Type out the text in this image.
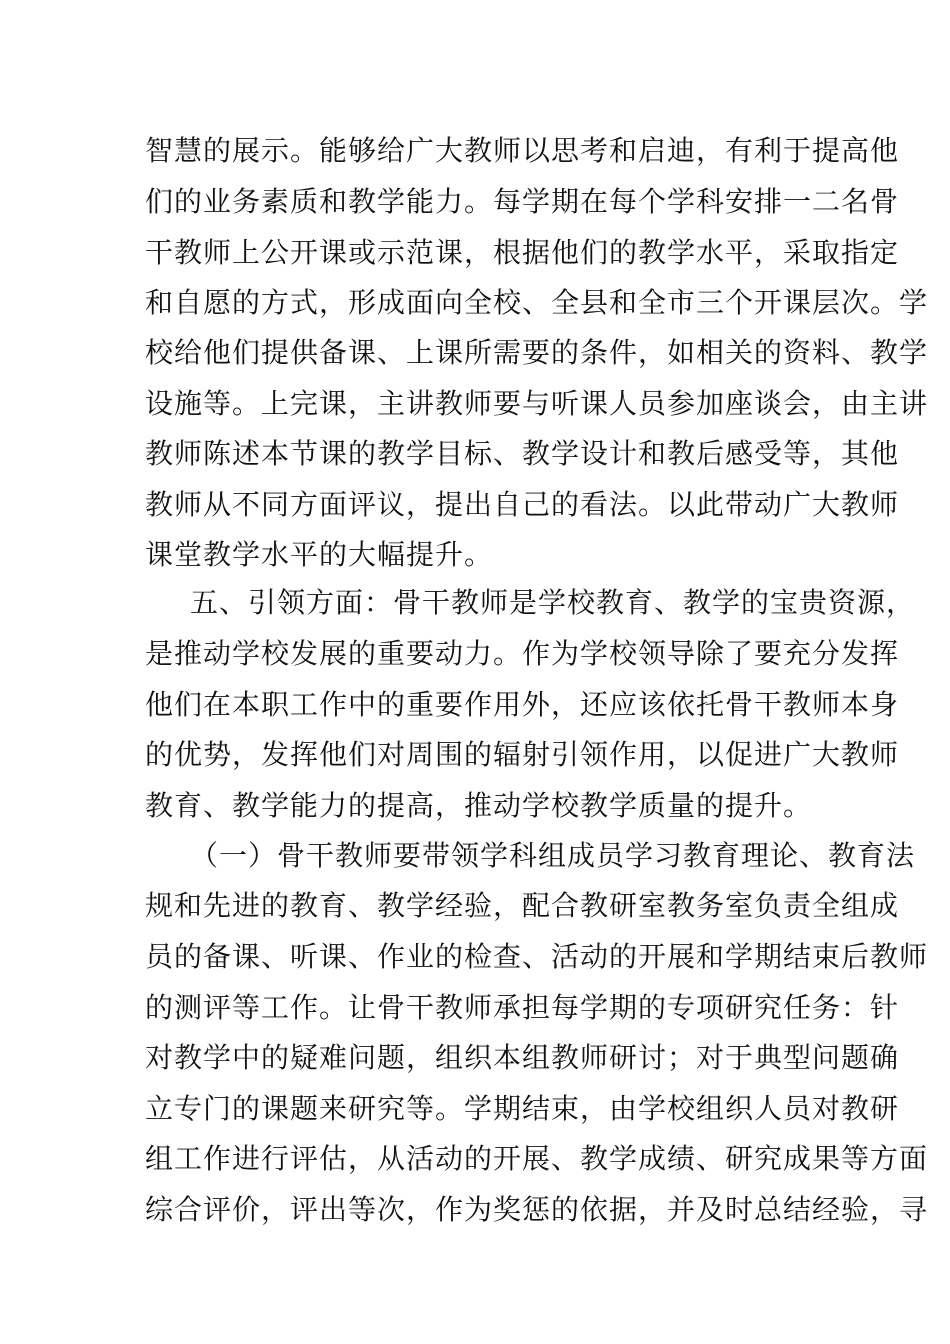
智慧的展示。能够给广大教师以思考和启迪，有利于提高他
们的业务素质和教学能力。每学期在每个学科安排一二名骨
干教师上公开课或示范课，根据他们的教学水平，采取指定
和自愿的方式，形成面向全校、全县和全市三个开课层次。学
校给他们提供备课、上课所需要的条件，如相关的资料、教学
设施等。上完课，主讲教师要与听课人员参加座谈会，由主讲
教师陈述本节课的教学目标、教学设计和教后感受等，其他
教师从不同方面评议，提出自己的看法。以此带动广大教师
课堂教学水平的大幅提升。
五、引领方面：骨干教师是学校教育、教学的宝贵资源，
是推动学校发展的重要动力。作为学校领导除了要充分发挥
他们在本职工作中的重要作用外，还应该依托骨干教师本身
的优势，发挥他们对周围的辐射引领作用，以促进广大教师
教育、教学能力的提高，推动学校教学质量的提升。
（一）骨干教师要带领学科组成员学习教育理论、教育法
规和先进的教育、教学经验，配合教研室教务室负责全组成
员的备课、听课、作业的检查、活动的开展和学期结束后教师
的测评等工作。让骨干教师承担每学期的专项研究任务：针
对教学中的疑难问题，组织本组教师研讨；对于典型问题确
立专门的课题来研究等。学期结束，由学校组织人员对教研
组工作进行评估，从活动的开展、教学成绩、研究成果等方面
综合评价，评出等次，作为奖惩的依据，并及时总结经验，寻
